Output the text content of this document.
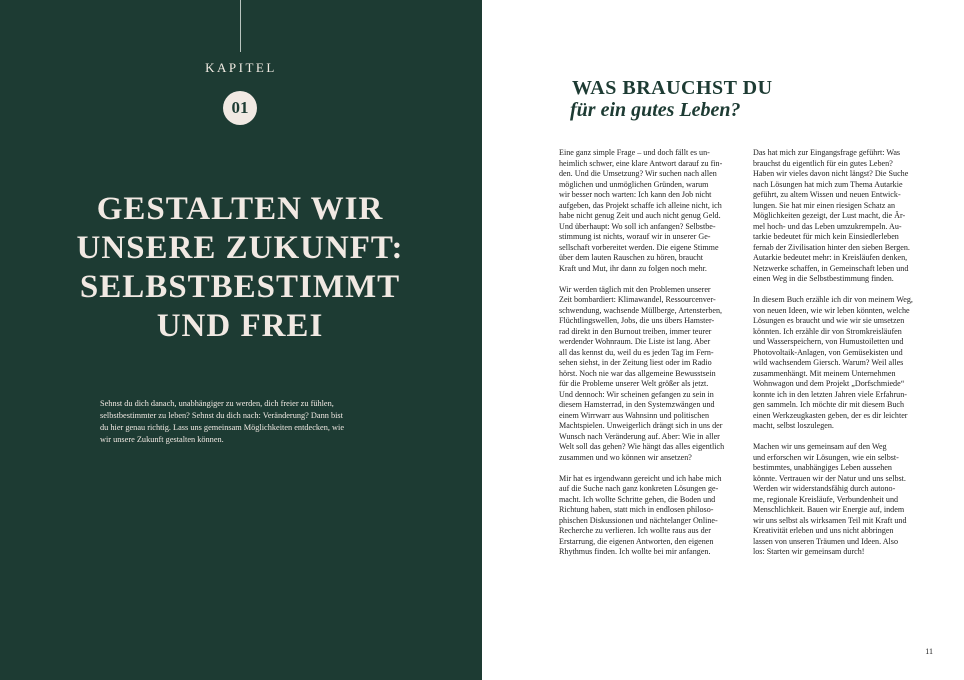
KAPITEL
01
GESTALTEN WIR
UNSERE ZUKUNFT:
SELBSTBESTIMMT
UND FREI
Sehnst du dich danach, unabhängiger zu werden, dich freier zu fühlen,
selbstbestimmter zu leben? Sehnst du dich nach: Veränderung? Dann bist
du hier genau richtig. Lass uns gemeinsam Möglichkeiten entdecken, wie
wir unsere Zukunft gestalten können.
WAS BRAUCHST DU
für ein gutes Leben?
Eine ganz simple Frage – und doch fällt es un-
heimlich schwer, eine klare Antwort darauf zu fin-
den. Und die Umsetzung? Wir suchen nach allen
möglichen und unmöglichen Gründen, warum
wir besser noch warten: Ich kann den Job nicht
aufgeben, das Projekt schaffe ich alleine nicht, ich
habe nicht genug Zeit und auch nicht genug Geld.
Und überhaupt: Wo soll ich anfangen? Selbstbe-
stimmung ist nichts, worauf wir in unserer Ge-
sellschaft vorbereitet werden. Die eigene Stimme
über dem lauten Rauschen zu hören, braucht
Kraft und Mut, ihr dann zu folgen noch mehr.
Wir werden täglich mit den Problemen unserer
Zeit bombardiert: Klimawandel, Ressourcenver-
schwendung, wachsende Müllberge, Artensterben,
Flüchtlingswellen, Jobs, die uns übers Hamster-
rad direkt in den Burnout treiben, immer teurer
werdender Wohnraum. Die Liste ist lang. Aber
all das kennst du, weil du es jeden Tag im Fern-
sehen siehst, in der Zeitung liest oder im Radio
hörst. Noch nie war das allgemeine Bewusstsein
für die Probleme unserer Welt größer als jetzt.
Und dennoch: Wir scheinen gefangen zu sein in
diesem Hamsterrad, in den Systemzwängen und
einem Wirrwarr aus Wahnsinn und politischen
Machtspielen. Unweigerlich drängt sich in uns der
Wunsch nach Veränderung auf. Aber: Wie in aller
Welt soll das gehen? Wie hängt das alles eigentlich
zusammen und wo können wir ansetzen?
Mir hat es irgendwann gereicht und ich habe mich
auf die Suche nach ganz konkreten Lösungen ge-
macht. Ich wollte Schritte gehen, die Boden und
Richtung haben, statt mich in endlosen philoso-
phischen Diskussionen und nächtelanger Online-
Recherche zu verlieren. Ich wollte raus aus der
Erstarrung, die eigenen Antworten, den eigenen
Rhythmus finden. Ich wollte bei mir anfangen.
Das hat mich zur Eingangsfrage geführt: Was
brauchst du eigentlich für ein gutes Leben?
Haben wir vieles davon nicht längst? Die Suche
nach Lösungen hat mich zum Thema Autarkie
geführt, zu altem Wissen und neuen Entwick-
lungen. Sie hat mir einen riesigen Schatz an
Möglichkeiten gezeigt, der Lust macht, die Är-
mel hoch- und das Leben umzukrempeln. Au-
tarkie bedeutet für mich kein Einsiedlerleben
fernab der Zivilisation hinter den sieben Bergen.
Autarkie bedeutet mehr: in Kreisläufen denken,
Netzwerke schaffen, in Gemeinschaft leben und
einen Weg in die Selbstbestimmung finden.
In diesem Buch erzähle ich dir von meinem Weg,
von neuen Ideen, wie wir leben könnten, welche
Lösungen es braucht und wie wir sie umsetzen
könnten. Ich erzähle dir von Stromkreisläufen
und Wasserspeichern, von Humustoiletten und
Photovoltaik-Anlagen, von Gemüsekisten und
wild wachsendem Giersch. Warum? Weil alles
zusammenhängt. Mit meinem Unternehmen
Wohnwagon und dem Projekt „Dorfschmiede“
konnte ich in den letzten Jahren viele Erfahrun-
gen sammeln. Ich möchte dir mit diesem Buch
einen Werkzeugkasten geben, der es dir leichter
macht, selbst loszulegen.
Machen wir uns gemeinsam auf den Weg
und erforschen wir Lösungen, wie ein selbst-
bestimmtes, unabhängiges Leben aussehen
könnte. Vertrauen wir der Natur und uns selbst.
Werden wir widerstandsfähig durch autono-
me, regionale Kreisläufe, Verbundenheit und
Menschlichkeit. Bauen wir Energie auf, indem
wir uns selbst als wirksamen Teil mit Kraft und
Kreativität erleben und uns nicht abbringen
lassen von unseren Träumen und Ideen. Also
los: Starten wir gemeinsam durch!
11
